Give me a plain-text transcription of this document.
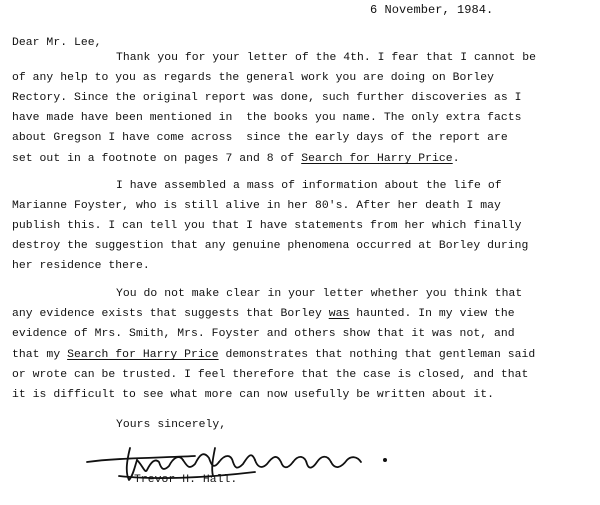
6 November, 1984.
Dear Mr. Lee,
Thank you for your letter of the 4th. I fear that I cannot be
of any help to you as regards the general work you are doing on Borley
Rectory. Since the original report was done, such further discoveries as I
have made have been mentioned in  the books you name. The only extra facts
about Gregson I have come across  since the early days of the report are
set out in a footnote on pages 7 and 8 of Search for Harry Price.
I have assembled a mass of information about the life of
Marianne Foyster, who is still alive in her 80's. After her death I may
publish this. I can tell you that I have statements from her which finally
destroy the suggestion that any genuine phenomena occurred at Borley during
her residence there.
You do not make clear in your letter whether you think that
any evidence exists that suggests that Borley was haunted. In my view the
evidence of Mrs. Smith, Mrs. Foyster and others show that it was not, and
that my Search for Harry Price demonstrates that nothing that gentleman said
or wrote can be trusted. I feel therefore that the case is closed, and that
it is difficult to see what more can now usefully be written about it.
Yours sincerely,
Trevor H. Hall.
